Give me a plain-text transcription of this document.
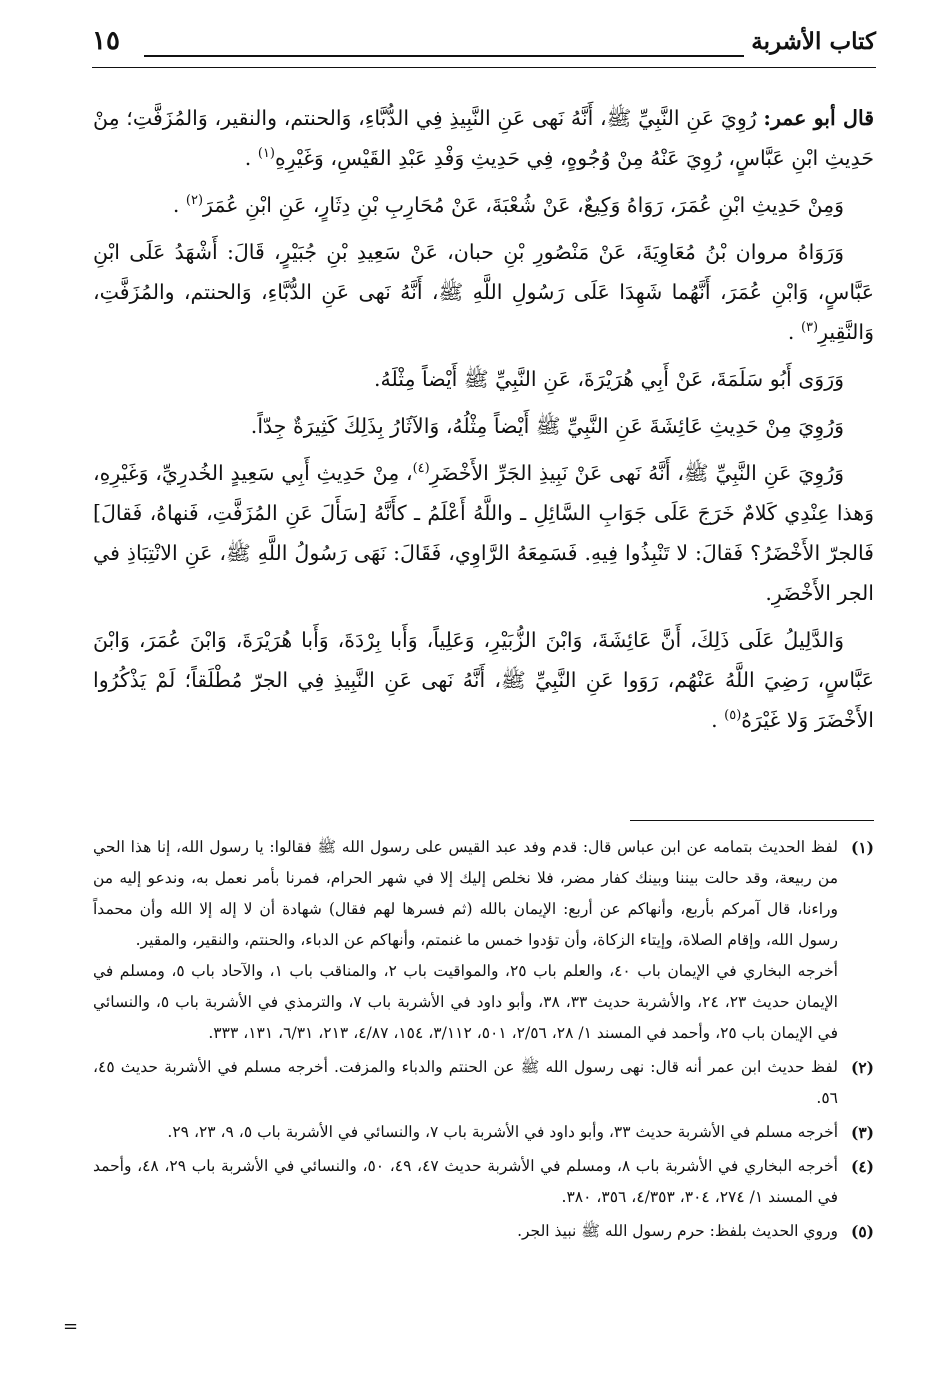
كتاب الأشربة
١٥

قال أبو عمر: رُوِيَ عَنِ النَّبِيِّ ﷺ، أَنَّهُ نَهى عَنِ النَّبِيذِ فِي الدُّبَّاءِ، وَالحنتم، والنقير، وَالمُزَفَّتِ؛ مِنْ حَدِيثِ ابْنِ عَبَّاسٍ، رُوِيَ عَنْهُ مِنْ وُجُوهٍ، فِي حَدِيثِ وَفْدِ عَبْدِ القَيْسِ، وَغَيْرِهِ$^{(١)}$ .

وَمِنْ حَدِيثِ ابْنِ عُمَرَ، رَوَاهُ وَكِيعٌ، عَنْ شُعْبَةَ، عَنْ مُحَارِبِ بْنِ دِثَارٍ، عَنِ ابْنِ عُمَرَ$^{(٢)}$ .

وَرَوَاهُ مروان بْنُ مُعَاوِيَةَ، عَنْ مَنْصُورِ بْنِ حبان، عَنْ سَعِيدِ بْنِ جُبَيْرٍ، قَالَ: أَشْهَدُ عَلَى ابْنِ عَبَّاسٍ، وَابْنِ عُمَرَ، أَنَّهُما شَهِدَا عَلَى رَسُولِ اللَّهِ ﷺ، أَنَّهُ نَهى عَنِ الدُّبَّاءِ، وَالحنتم، والمُزَفَّتِ، وَالنَّقِيرِ$^{(٣)}$ .

وَرَوَى أَبُو سَلَمَةَ، عَنْ أَبِي هُرَيْرَةَ، عَنِ النَّبِيِّ ﷺ أَيْضاً مِثْلَهُ.

وَرُوِيَ مِنْ حَدِيثِ عَائِشَةَ عَنِ النَّبِيِّ ﷺ أَيْضاً مِثْلُهُ، وَالآثَارُ بِذَلِكَ كَثِيرَةٌ جِدّاً.

وَرُوِيَ عَنِ النَّبِيِّ ﷺ، أَنَّهُ نَهى عَنْ نَبِيذِ الجَرِّ الأَخْضَرِ$^{(٤)}$، مِنْ حَدِيثِ أَبِي سَعِيدٍ الخُدرِيِّ، وَغَيْرِهِ، وَهذا عِنْدِي كَلامٌ خَرَجَ عَلَى جَوَابِ السَّائِلِ ـ واللَّهُ أَعْلَمُ ـ كأَنَّهُ [سَأَلَ عَنِ المُزَفَّتِ، فَنهاهُ، فَقالَ] فَالجرّ الأَخْضَرُ؟ فَقالَ: لا تَنْبِذُوا فِيهِ. فَسَمِعَهُ الرَّاوِي، فَقَالَ: نَهَى رَسُولُ اللَّهِ ﷺ، عَنِ الانْتِبَاذِ في الجر الأَخْضَرِ.

وَالدَّلِيلُ عَلَى ذَلِكَ، أَنَّ عَائِشَةَ، وَابْنَ الزُّبَيْرِ، وَعَلِياً، وَأَبا بِرْدَةَ، وَأَبا هُرَيْرَةَ، وَابْنَ عُمَرَ، وَابْنَ عَبَّاسٍ، رَضِيَ اللَّهُ عَنْهُم، رَوَوا عَنِ النَّبِيِّ ﷺ، أَنَّهُ نَهى عَنِ النَّبِيذِ فِي الجرّ مُطْلَقاً؛ لَمْ يَذْكُرُوا الأَخْضَرَ وَلا غَيْرَهُ$^{(٥)}$ .

(١)
لفظ الحديث بتمامه عن ابن عباس قال: قدم وفد عبد القيس على رسول الله ﷺ فقالوا: يا رسول الله، إنا هذا الحي من ربيعة، وقد حالت بيننا وبينك كفار مضر، فلا نخلص إليك إلا في شهر الحرام، فمرنا بأمر نعمل به، وندعو إليه من وراءنا، قال آمركم بأربع، وأنهاكم عن أربع: الإيمان بالله (ثم فسرها لهم فقال) شهادة أن لا إله إلا الله وأن محمداً رسول الله، وإقام الصلاة، وإيتاء الزكاة، وأن تؤدوا خمس ما غنمتم، وأنهاكم عن الدباء، والحنتم، والنقير، والمقير.
أخرجه البخاري في الإيمان باب ٤٠، والعلم باب ٢٥، والمواقيت باب ٢، والمناقب باب ١، والآحاد باب ٥، ومسلم في الإيمان حديث ٢٣، ٢٤، والأشربة حديث ٣٣، ٣٨، وأبو داود في الأشربة باب ٧، والترمذي في الأشربة باب ٥، والنسائي في الإيمان باب ٢٥، وأحمد في المسند ١/ ٢٨، ٢/٥٦، ٥٠١، ٣/١١٢، ١٥٤، ٤/٨٧، ٢١٣، ٦/٣١، ١٣١، ٣٣٣.
(٢)
لفظ حديث ابن عمر أنه قال: نهى رسول الله ﷺ عن الحنتم والدباء والمزفت. أخرجه مسلم في الأشربة حديث ٤٥، ٥٦.
(٣)
أخرجه مسلم في الأشربة حديث ٣٣، وأبو داود في الأشربة باب ٧، والنسائي في الأشربة باب ٥، ٩، ٢٣، ٢٩.
(٤)
أخرجه البخاري في الأشربة باب ٨، ومسلم في الأشربة حديث ٤٧، ٤٩، ٥٠، والنسائي في الأشربة باب ٢٩، ٤٨، وأحمد في المسند ١/ ٢٧٤، ٣٠٤، ٤/٣٥٣، ٣٥٦، ٣٨٠.
(٥)
وروي الحديث بلفظ: حرم رسول الله ﷺ نبيذ الجر.
=
